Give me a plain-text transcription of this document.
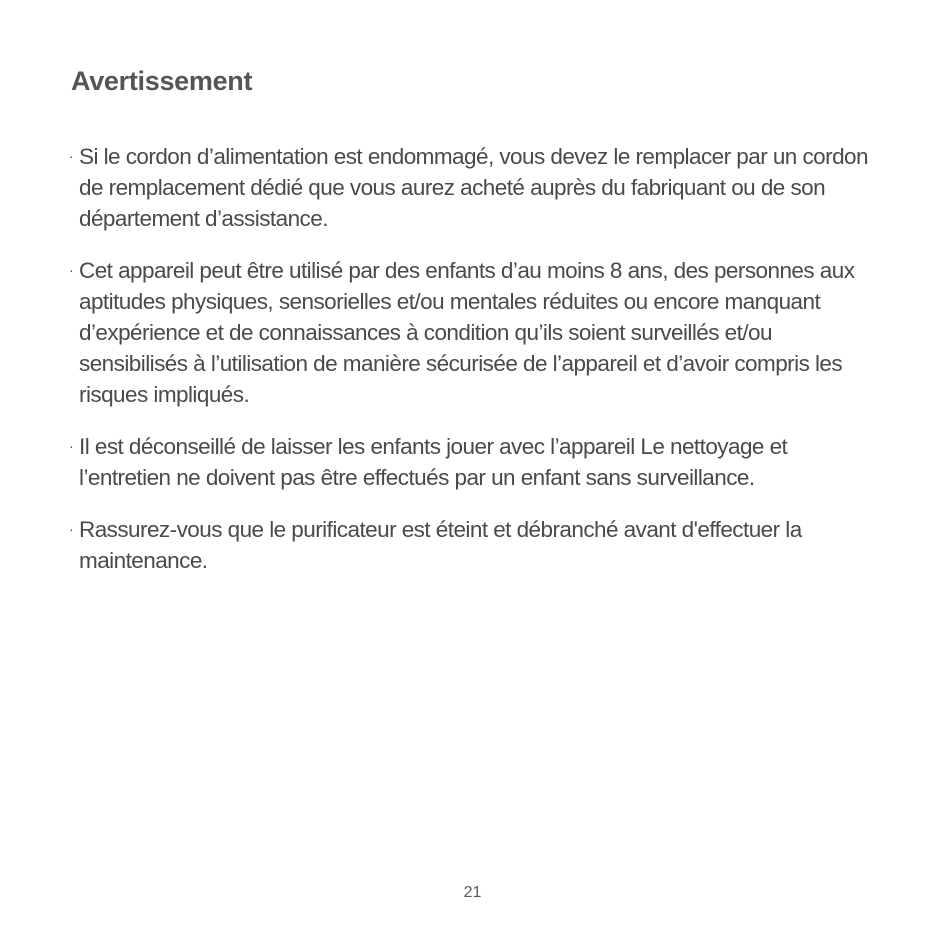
Avertissement
· Si le cordon d’alimentation est endommagé, vous devez le remplacer par un cordon de remplacement dédié que vous aurez acheté auprès du fabriquant ou de son département d’assistance.
· Cet appareil peut être utilisé par des enfants d’au moins 8 ans, des personnes aux aptitudes physiques, sensorielles et/ou mentales réduites ou encore manquant d’expérience et de connaissances à condition qu’ils soient surveillés et/ou sensibilisés à l’utilisation de manière sécurisée de l’appareil et d’avoir compris les risques impliqués.
· Il est déconseillé de laisser les enfants jouer avec l’appareil Le nettoyage et l’entretien ne doivent pas être effectués par un enfant sans surveillance.
· Rassurez-vous que le purificateur est éteint et débranché avant d'effectuer la maintenance.
21
